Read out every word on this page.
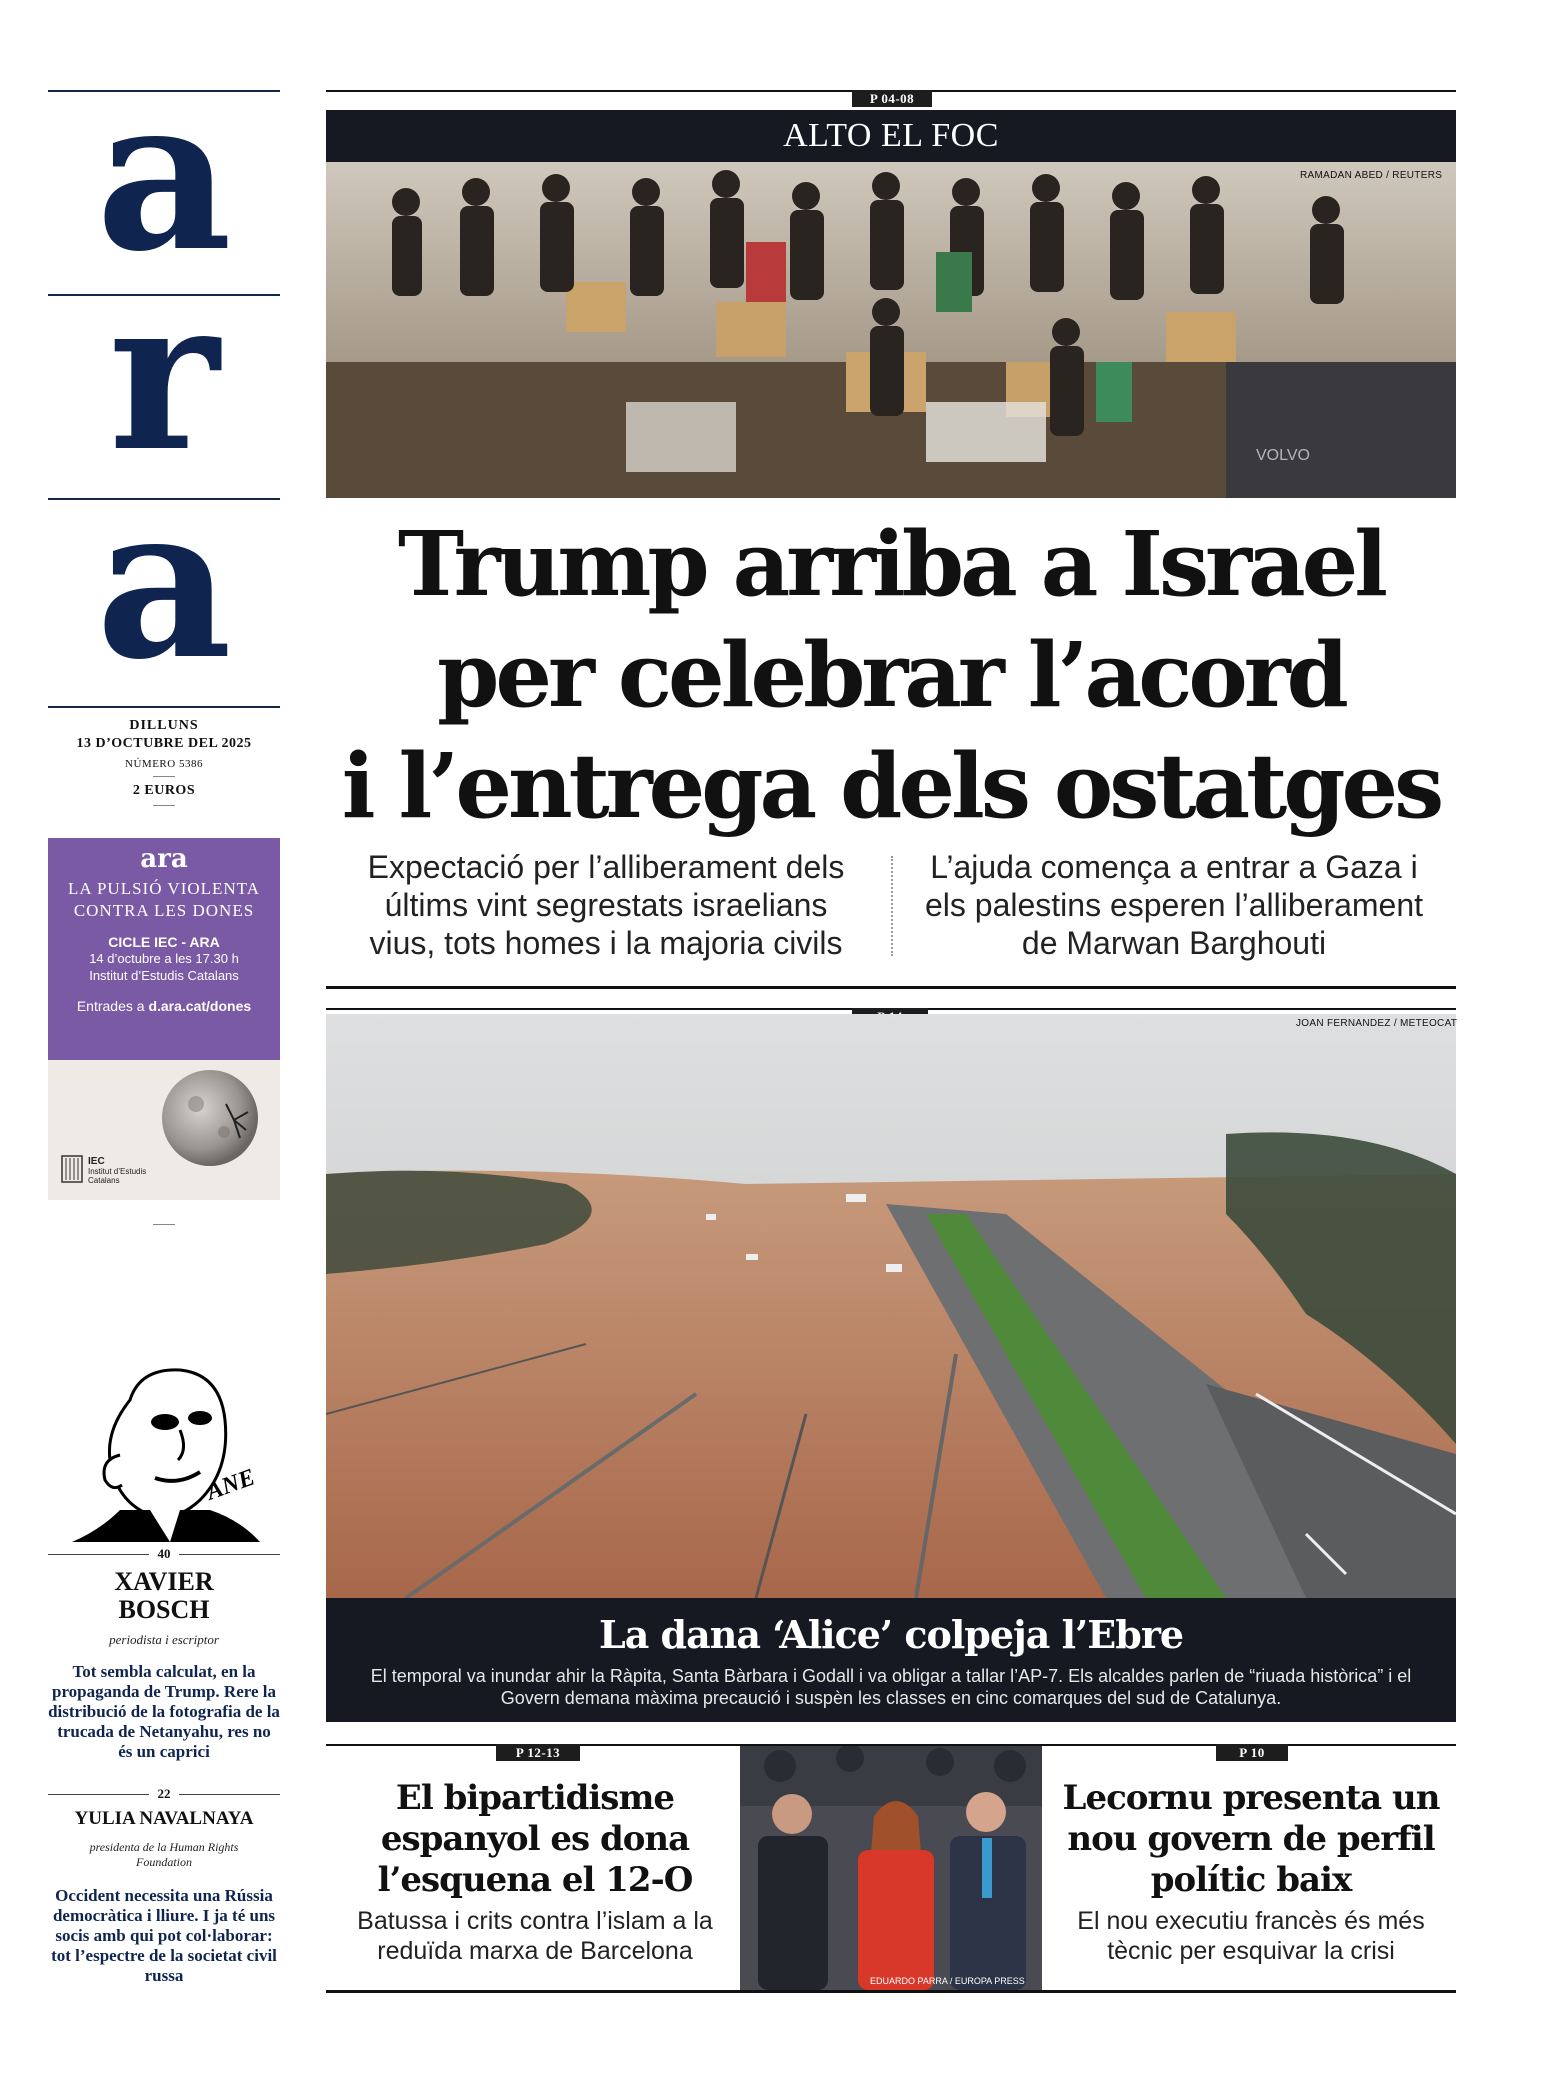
a
r
a
DILLUNS
13 D’OCTUBRE DEL 2025
NÚMERO 5386
2 EUROS
ara
LA PULSIÓ VIOLENTA
CONTRA LES DONES
CICLE IEC - ARA
14 d’octubre a les 17.30 h
Institut d’Estudis Catalans
Entrades a d.ara.cat/dones
IEC
Institut d’Estudis
Catalans
ANE
40
XAVIER
BOSCH
periodista i escriptor
Tot sembla calculat, en la propaganda de Trump. Rere la distribució de la fotografia de la trucada de Netanyahu, res no és un caprici
22
YULIA NAVALNAYA
presidenta de la Human Rights
Foundation
Occident necessita una Rússia democràtica i lliure. I ja té uns socis amb qui pot col·laborar: tot l’espectre de la societat civil russa
P 04-08
ALTO EL FOC
VOLVO
RAMADAN ABED / REUTERS
Trump arriba a Israel
per celebrar l’acord
i l’entrega dels ostatges
Expectació per l’alliberament dels últims vint segrestats israelians vius, tots homes i la majoria civils
L’ajuda comença a entrar a Gaza i els palestins esperen l’alliberament de Marwan Barghouti
JOAN FERNANDEZ / METEOCAT
La dana ‘Alice’ colpeja l’Ebre
El temporal va inundar ahir la Ràpita, Santa Bàrbara i Godall i va obligar a tallar l’AP-7. Els alcaldes parlen de “riuada històrica” i el Govern demana màxima precaució i suspèn les classes en cinc comarques del sud de Catalunya.
P 12-13
El bipartidisme
espanyol es dona
l’esquena el 12-O
Batussa i crits contra l’islam a la reduïda marxa de Barcelona
EDUARDO PARRA / EUROPA PRESS
P 10
Lecornu presenta un
nou govern de perfil
polític baix
El nou executiu francès és més tècnic per esquivar la crisi
